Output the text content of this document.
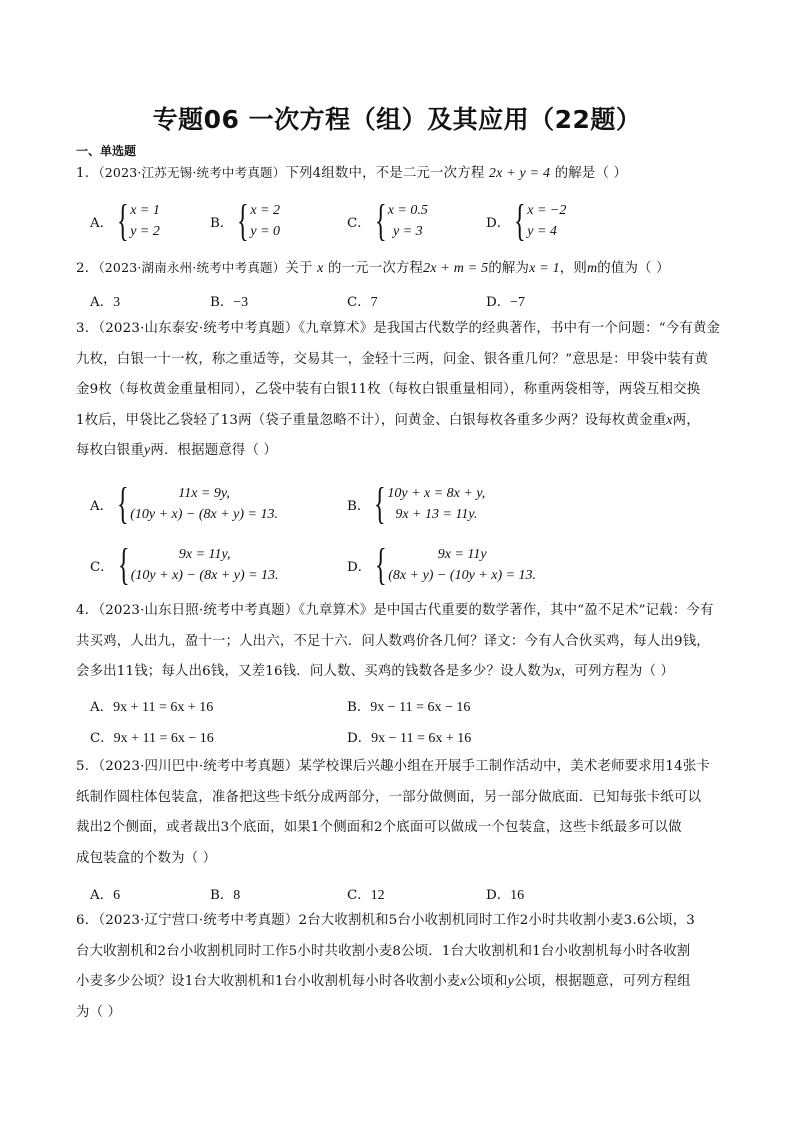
专题06 一次方程（组）及其应用（22题）
一、单选题
1．（2023·江苏无锡·统考中考真题）下列4组数中，不是二元一次方程 2x + y = 4 的解是（ ）
A． { x = 1
y = 2
B． { x = 2
y = 0
C． { x = 0.5
y = 3
D． { x = −2
y = 4
2．（2023·湖南永州·统考中考真题）关于 x 的一元一次方程2x + m = 5的解为x = 1，则m的值为（ ）
A．3	B．−3	C．7	D．−7
3．（2023·山东泰安·统考中考真题）《九章算术》是我国古代数学的经典著作，书中有一个问题：“今有黄金
九枚，白银一十一枚，称之重适等，交易其一，金轻十三两，问金、银各重几何？”意思是：甲袋中装有黄
金9枚（每枚黄金重量相同），乙袋中装有白银11枚（每枚白银重量相同），称重两袋相等，两袋互相交换
1枚后，甲袋比乙袋轻了13两（袋子重量忽略不计），问黄金、白银每枚各重多少两？设每枚黄金重x两，
每枚白银重y两．根据题意得（ ）
A． {	11x = 9y,
(10y + x) − (8x + y) = 13.
B． { 10y + x = 8x + y,
9x + 13 = 11y.
C． {	9x = 11y,
(10y + x) − (8x + y) = 13.
D． {	9x = 11y
(8x + y) − (10y + x) = 13.
4．（2023·山东日照·统考中考真题）《九章算术》是中国古代重要的数学著作，其中“盈不足术”记载：今有
共买鸡，人出九，盈十一；人出六，不足十六．问人数鸡价各几何？译文：今有人合伙买鸡，每人出9钱，
会多出11钱；每人出6钱，又差16钱．问人数、买鸡的钱数各是多少？设人数为x，可列方程为（ ）
A．9x + 11 = 6x + 16	B．9x − 11 = 6x − 16
C．9x + 11 = 6x − 16	D．9x − 11 = 6x + 16
5．（2023·四川巴中·统考中考真题）某学校课后兴趣小组在开展手工制作活动中，美术老师要求用14张卡
纸制作圆柱体包装盒，准备把这些卡纸分成两部分，一部分做侧面，另一部分做底面．已知每张卡纸可以
裁出2个侧面，或者裁出3个底面，如果1个侧面和2个底面可以做成一个包装盒，这些卡纸最多可以做
成包装盒的个数为（ ）
A．6	B．8	C．12	D．16
6．（2023·辽宁营口·统考中考真题）2台大收割机和5台小收割机同时工作2小时共收割小麦3.6公顷，3
台大收割机和2台小收割机同时工作5小时共收割小麦8公顷．1台大收割机和1台小收割机每小时各收割
小麦多少公顷？设1台大收割机和1台小收割机每小时各收割小麦x公顷和y公顷，根据题意，可列方程组
为（ ）
